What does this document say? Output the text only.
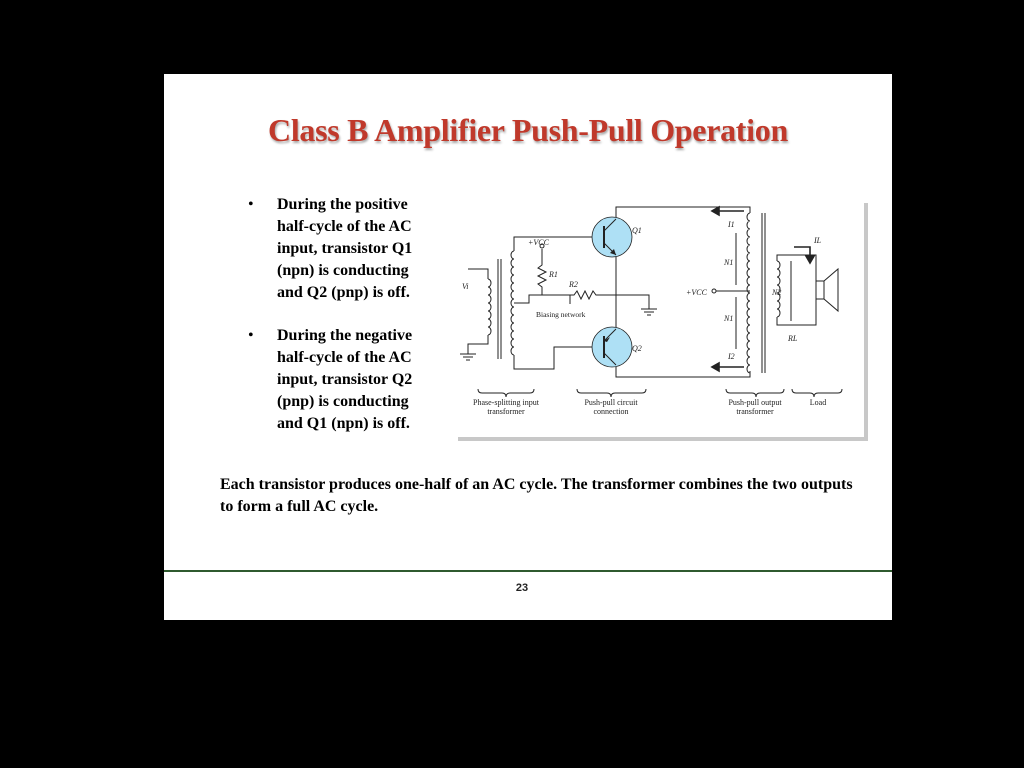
Class B Amplifier Push-Pull Operation
• During the positive half-cycle of the AC input, transistor Q1 (npn) is conducting and Q2 (pnp) is off.
• During the negative half-cycle of the AC input, transistor Q2 (pnp) is conducting and Q1 (npn) is off.
Vi
+VCC
R1
R2
Biasing network
Q1
Q2
I1
I2
N1
N1
N2
+VCC
IL
RL
Phase-splitting input transformer
Push-pull circuit connection
Push-pull output transformer
Load
Each transistor produces one-half of an AC cycle. The transformer combines the two outputs to form a full AC cycle.
23
